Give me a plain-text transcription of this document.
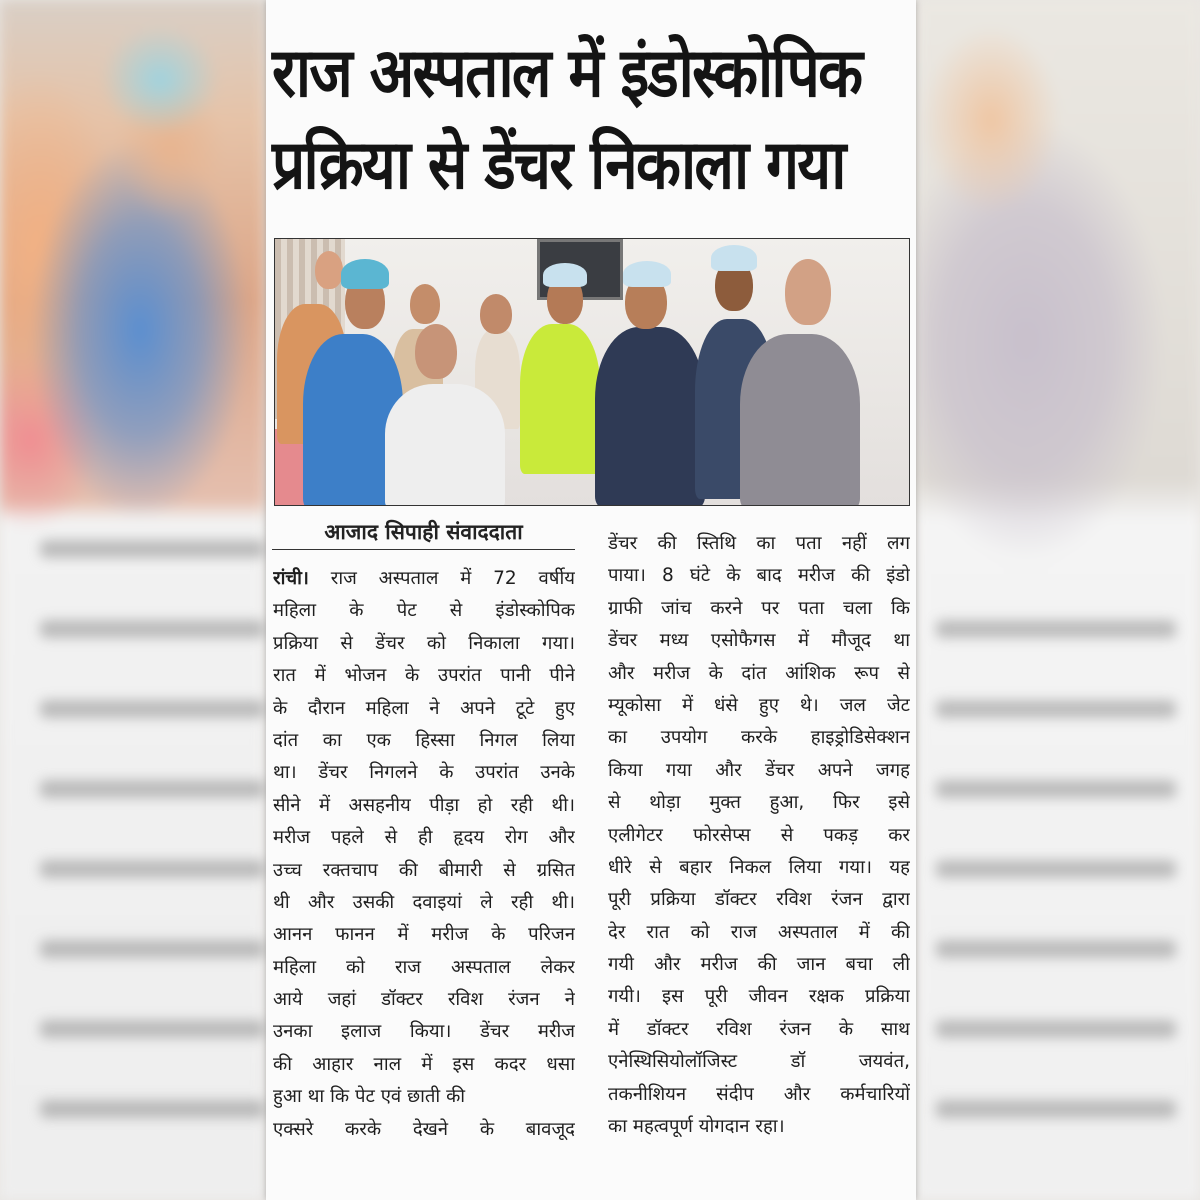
राज अस्पताल में इंडोस्कोपिक
प्रक्रिया से डेंचर निकाला गया
आजाद सिपाही संवाददाता
रांची। राज अस्पताल में 72 वर्षीय
महिला के पेट से इंडोस्कोपिक
प्रक्रिया से डेंचर को निकाला गया।
रात में भोजन के उपरांत पानी पीने
के दौरान महिला ने अपने टूटे हुए
दांत का एक हिस्सा निगल लिया
था। डेंचर निगलने के उपरांत उनके
सीने में असहनीय पीड़ा हो रही थी।
मरीज पहले से ही हृदय रोग और
उच्च रक्तचाप की बीमारी से ग्रसित
थी और उसकी दवाइयां ले रही थी।
आनन फानन में मरीज के परिजन
महिला को राज अस्पताल लेकर
आये जहां डॉक्टर रविश रंजन ने
उनका इलाज किया। डेंचर मरीज
की आहार नाल में इस कदर धसा
हुआ था कि पेट एवं छाती की
एक्सरे करके देखने के बावजूद
डेंचर की स्तिथि का पता नहीं लग
पाया। 8 घंटे के बाद मरीज की इंडो
ग्राफी जांच करने पर पता चला कि
डेंचर मध्य एसोफैगस में मौजूद था
और मरीज के दांत आंशिक रूप से
म्यूकोसा में धंसे हुए थे। जल जेट
का उपयोग करके हाइड्रोडिसेक्शन
किया गया और डेंचर अपने जगह
से थोड़ा मुक्त हुआ, फिर इसे
एलीगेटर फोरसेप्स से पकड़ कर
धीरे से बहार निकल लिया गया। यह
पूरी प्रक्रिया डॉक्टर रविश रंजन द्वारा
देर रात को राज अस्पताल में की
गयी और मरीज की जान बचा ली
गयी। इस पूरी जीवन रक्षक प्रक्रिया
में डॉक्टर रविश रंजन के साथ
एनेस्थिसियोलॉजिस्ट डॉ जयवंत,
तकनीशियन संदीप और कर्मचारियों
का महत्वपूर्ण योगदान रहा।
